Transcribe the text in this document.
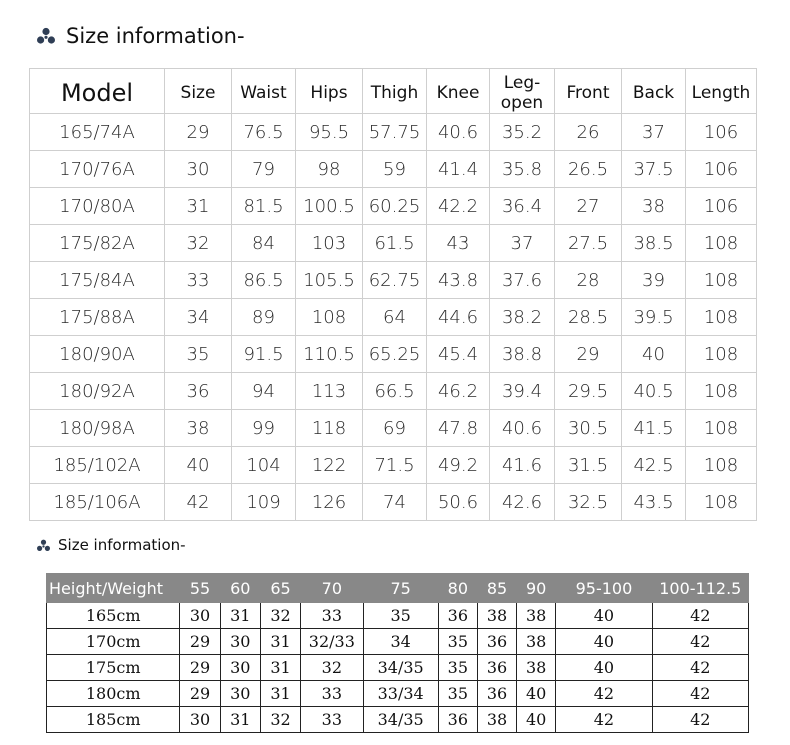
Size information-
Model	Size	Waist	Hips	Thigh	Knee	Leg-open	Front	Back	Length
165/74A	29	76.5	95.5	57.75	40.6	35.2	26	37	106
170/76A	30	79	98	59	41.4	35.8	26.5	37.5	106
170/80A	31	81.5	100.5	60.25	42.2	36.4	27	38	106
175/82A	32	84	103	61.5	43	37	27.5	38.5	108
175/84A	33	86.5	105.5	62.75	43.8	37.6	28	39	108
175/88A	34	89	108	64	44.6	38.2	28.5	39.5	108
180/90A	35	91.5	110.5	65.25	45.4	38.8	29	40	108
180/92A	36	94	113	66.5	46.2	39.4	29.5	40.5	108
180/98A	38	99	118	69	47.8	40.6	30.5	41.5	108
185/102A	40	104	122	71.5	49.2	41.6	31.5	42.5	108
185/106A	42	109	126	74	50.6	42.6	32.5	43.5	108
Size information-
Height/Weight	55	60	65	70	75	80	85	90	95-100	100-112.5
165cm	30	31	32	33	35	36	38	38	40	42
170cm	29	30	31	32/33	34	35	36	38	40	42
175cm	29	30	31	32	34/35	35	36	38	40	42
180cm	29	30	31	33	33/34	35	36	40	42	42
185cm	30	31	32	33	34/35	36	38	40	42	42
